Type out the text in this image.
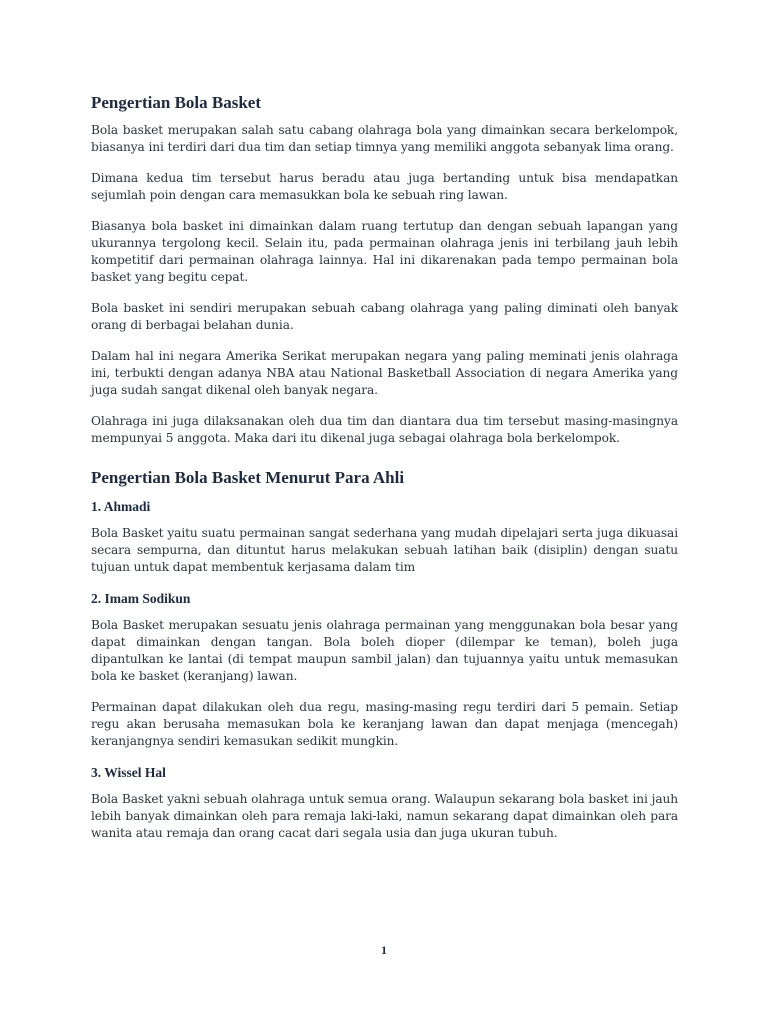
Pengertian Bola Basket

Bola basket merupakan salah satu cabang olahraga bola yang dimainkan secara berkelompok, biasanya ini terdiri dari dua tim dan setiap timnya yang memiliki anggota sebanyak lima orang.

Dimana kedua tim tersebut harus beradu atau juga bertanding untuk bisa mendapatkan sejumlah poin dengan cara memasukkan bola ke sebuah ring lawan.

Biasanya bola basket ini dimainkan dalam ruang tertutup dan dengan sebuah lapangan yang ukurannya tergolong kecil. Selain itu, pada permainan olahraga jenis ini terbilang jauh lebih kompetitif dari permainan olahraga lainnya. Hal ini dikarenakan pada tempo permainan bola basket yang begitu cepat.

Bola basket ini sendiri merupakan sebuah cabang olahraga yang paling diminati oleh banyak orang di berbagai belahan dunia.

Dalam hal ini negara Amerika Serikat merupakan negara yang paling meminati jenis olahraga ini, terbukti dengan adanya NBA atau National Basketball Association di negara Amerika yang juga sudah sangat dikenal oleh banyak negara.

Olahraga ini juga dilaksanakan oleh dua tim dan diantara dua tim tersebut masing-masingnya mempunyai 5 anggota. Maka dari itu dikenal juga sebagai olahraga bola berkelompok.

Pengertian Bola Basket Menurut Para Ahli
1. Ahmadi

Bola Basket yaitu suatu permainan sangat sederhana yang mudah dipelajari serta juga dikuasai secara sempurna, dan dituntut harus melakukan sebuah latihan baik (disiplin) dengan suatu tujuan untuk dapat membentuk kerjasama dalam tim

2. Imam Sodikun

Bola Basket merupakan sesuatu jenis olahraga permainan yang menggunakan bola besar yang dapat dimainkan dengan tangan. Bola boleh dioper (dilempar ke teman), boleh juga dipantulkan ke lantai (di tempat maupun sambil jalan) dan tujuannya yaitu untuk memasukan bola ke basket (keranjang) lawan.

Permainan dapat dilakukan oleh dua regu, masing-masing regu terdiri dari 5 pemain. Setiap regu akan berusaha memasukan bola ke keranjang lawan dan dapat menjaga (mencegah) keranjangnya sendiri kemasukan sedikit mungkin.

3. Wissel Hal

Bola Basket yakni sebuah olahraga untuk semua orang. Walaupun sekarang bola basket ini jauh lebih banyak dimainkan oleh para remaja laki-laki, namun sekarang dapat dimainkan oleh para wanita atau remaja dan orang cacat dari segala usia dan juga ukuran tubuh.

1
